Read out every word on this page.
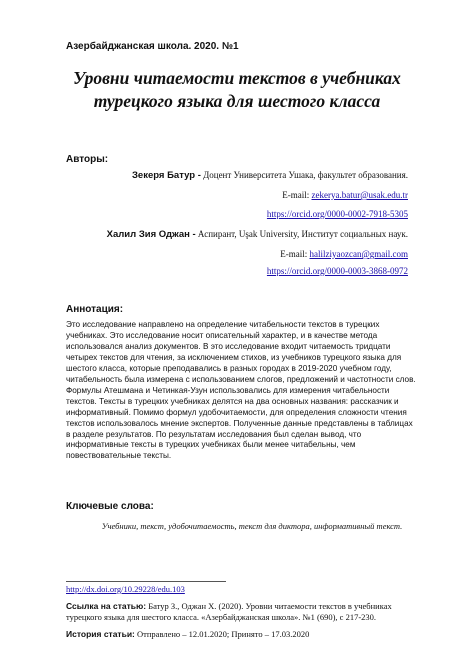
Азербайджанская школа. 2020. №1
Уровни читаемости текстов в учебниках
турецкого языка для шестого класса
Авторы:
Зекеря Батур - Доцент Университета Ушака, факультет образования.
E-mail: zekerya.batur@usak.edu.tr
https://orcid.org/0000-0002-7918-5305
Халил Зия Оджан - Аспирант, Uşak University, Институт социальных наук.
E-mail: halilziyaozcan@gmail.com
https://orcid.org/0000-0003-3868-0972
Аннотация:
Это исследование направлено на определение читабельности текстов в турецких
учебниках. Это исследование носит описательный характер, и в качестве метода
использовался анализ документов. В это исследование входит читаемость тридцати
четырех текстов для чтения, за исключением стихов, из учебников турецкого языка для
шестого класса, которые преподавались в разных городах в 2019-2020 учебном году,
читабельность была измерена с использованием слогов, предложений и частотности слов.
Формулы Атешмана и Четинкая-Узун использовались для измерения читабельности
текстов. Тексты в турецких учебниках делятся на два основных названия: рассказчик и
информативный. Помимо формул удобочитаемости, для определения сложности чтения
текстов использовалось мнение экспертов. Полученные данные представлены в таблицах
в разделе результатов. По результатам исследования был сделан вывод, что
информативные тексты в турецких учебниках были менее читабельны, чем
повествовательные тексты.
Ключевые слова:
Учебники, текст, удобочитаемость, текст для диктора, информативный текст.
http://dx.doi.org/10.29228/edu.103
Ссылка на статью: Батур З., Оджан Х. (2020). Уровни читаемости текстов в учебниках
турецкого языка для шестого класса. «Азербайджанская школа». №1 (690), с 217-230.
История статьи: Отправлено – 12.01.2020; Принято – 17.03.2020
